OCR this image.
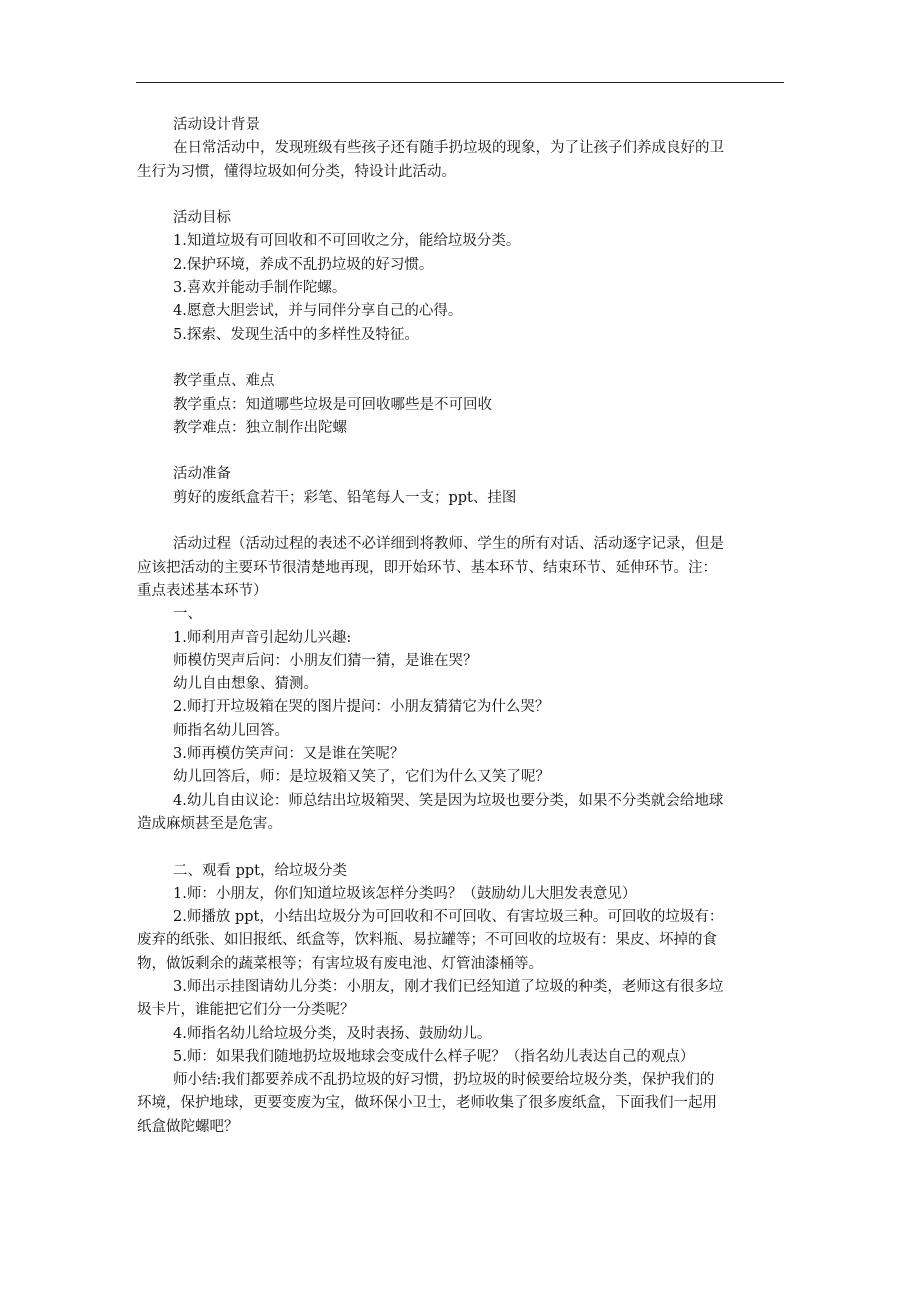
活动设计背景
在日常活动中，发现班级有些孩子还有随手扔垃圾的现象，为了让孩子们养成良好的卫
生行为习惯，懂得垃圾如何分类，特设计此活动。
活动目标
1.知道垃圾有可回收和不可回收之分，能给垃圾分类。
2.保护环境，养成不乱扔垃圾的好习惯。
3.喜欢并能动手制作陀螺。
4.愿意大胆尝试，并与同伴分享自己的心得。
5.探索、发现生活中的多样性及特征。
教学重点、难点
教学重点：知道哪些垃圾是可回收哪些是不可回收
教学难点：独立制作出陀螺
活动准备
剪好的废纸盒若干；彩笔、铅笔每人一支；ppt、挂图
活动过程（活动过程的表述不必详细到将教师、学生的所有对话、活动逐字记录，但是
应该把活动的主要环节很清楚地再现，即开始环节、基本环节、结束环节、延伸环节。注：
重点表述基本环节）
一、
1.师利用声音引起幼儿兴趣:
师模仿哭声后问：小朋友们猜一猜，是谁在哭？
幼儿自由想象、猜测。
2.师打开垃圾箱在哭的图片提问：小朋友猜猜它为什么哭？
师指名幼儿回答。
3.师再模仿笑声问：又是谁在笑呢？
幼儿回答后，师：是垃圾箱又笑了，它们为什么又笑了呢？
4.幼儿自由议论：师总结出垃圾箱哭、笑是因为垃圾也要分类，如果不分类就会给地球
造成麻烦甚至是危害。
二、观看 ppt，给垃圾分类
1.师：小朋友，你们知道垃圾该怎样分类吗？（鼓励幼儿大胆发表意见）
2.师播放 ppt，小结出垃圾分为可回收和不可回收、有害垃圾三种。可回收的垃圾有：
废弃的纸张、如旧报纸、纸盒等，饮料瓶、易拉罐等；不可回收的垃圾有：果皮、坏掉的食
物，做饭剩余的蔬菜根等；有害垃圾有废电池、灯管油漆桶等。
3.师出示挂图请幼儿分类：小朋友，刚才我们已经知道了垃圾的种类，老师这有很多垃
圾卡片，谁能把它们分一分类呢？
4.师指名幼儿给垃圾分类，及时表扬、鼓励幼儿。
5.师：如果我们随地扔垃圾地球会变成什么样子呢？（指名幼儿表达自己的观点）
师小结:我们都要养成不乱扔垃圾的好习惯，扔垃圾的时候要给垃圾分类，保护我们的
环境，保护地球，更要变废为宝，做环保小卫士，老师收集了很多废纸盒，下面我们一起用
纸盒做陀螺吧？
